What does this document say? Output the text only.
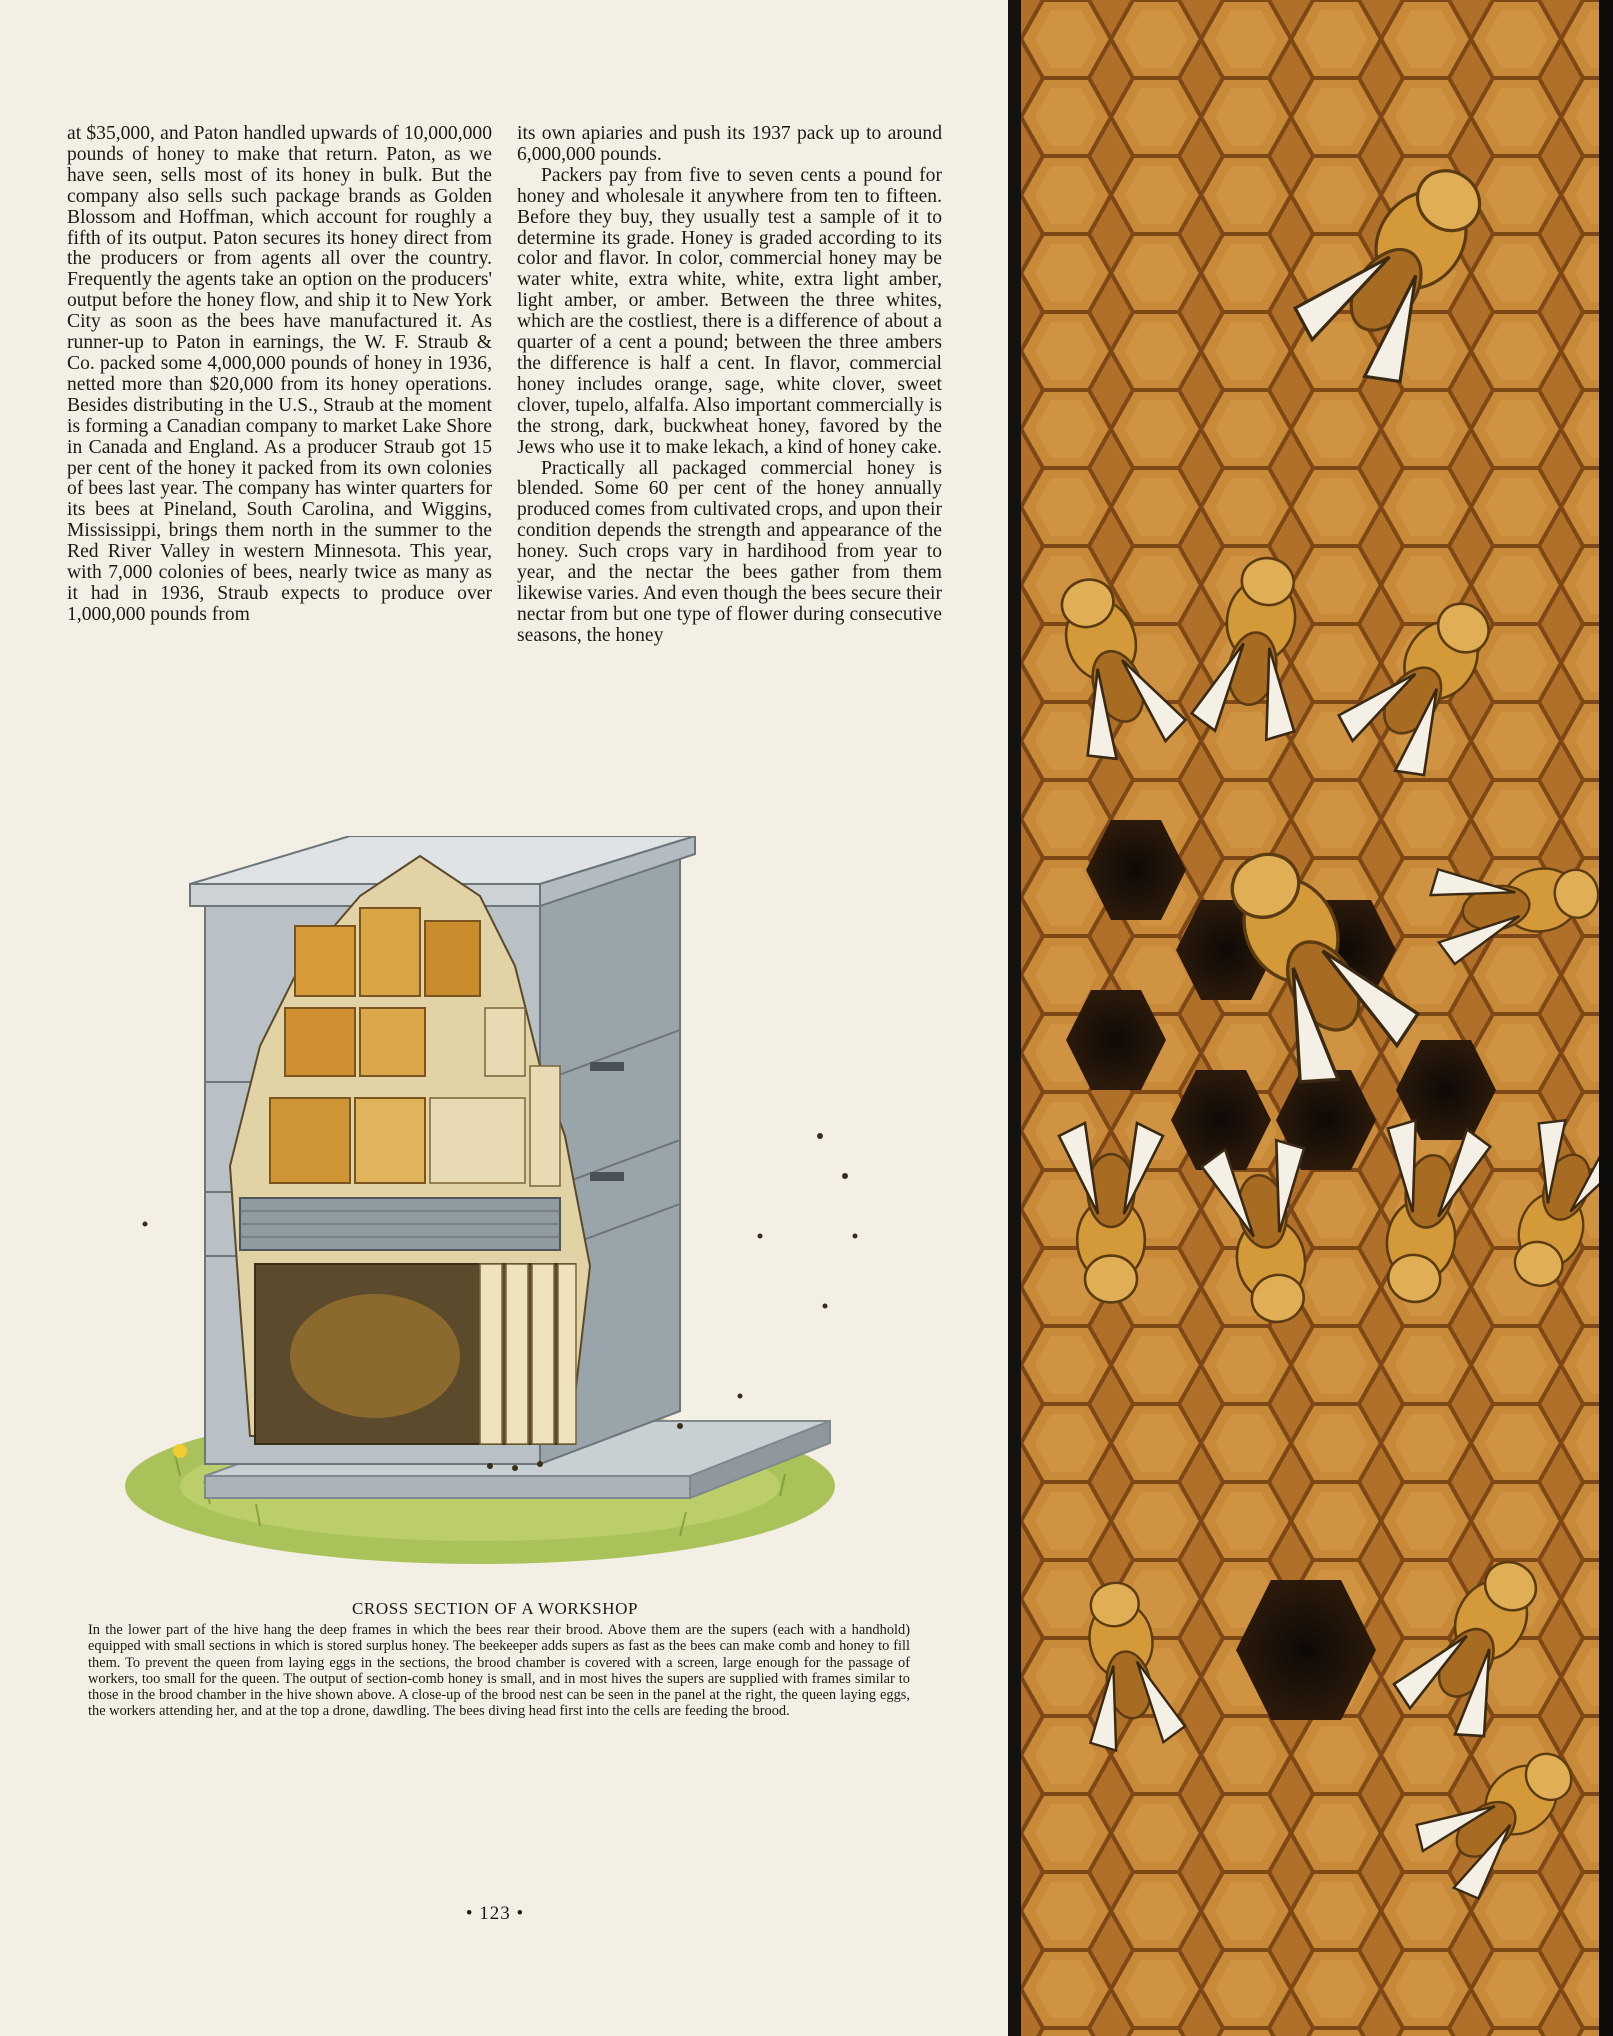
at $35,000, and Paton handled upwards of 10,000,000 pounds of honey to make that return. Paton, as we have seen, sells most of its honey in bulk. But the company also sells such package brands as Golden Blossom and Hoffman, which account for roughly a fifth of its output. Paton secures its honey direct from the producers or from agents all over the country. Frequently the agents take an option on the producers' output before the honey flow, and ship it to New York City as soon as the bees have manufactured it. As runner-up to Paton in earnings, the W. F. Straub & Co. packed some 4,000,000 pounds of honey in 1936, netted more than $20,000 from its honey operations. Besides distributing in the U.S., Straub at the moment is forming a Canadian company to market Lake Shore in Canada and England. As a producer Straub got 15 per cent of the honey it packed from its own colonies of bees last year. The company has winter quarters for its bees at Pineland, South Carolina, and Wiggins, Mississippi, brings them north in the summer to the Red River Valley in western Minnesota. This year, with 7,000 colonies of bees, nearly twice as many as it had in 1936, Straub expects to produce over 1,000,000 pounds from

its own apiaries and push its 1937 pack up to around 6,000,000 pounds.

Packers pay from five to seven cents a pound for honey and wholesale it anywhere from ten to fifteen. Before they buy, they usually test a sample of it to determine its grade. Honey is graded according to its color and flavor. In color, commercial honey may be water white, extra white, white, extra light amber, light amber, or amber. Between the three whites, which are the costliest, there is a difference of about a quarter of a cent a pound; between the three ambers the difference is half a cent. In flavor, commercial honey includes orange, sage, white clover, sweet clover, tupelo, alfalfa. Also important commercially is the strong, dark, buckwheat honey, favored by the Jews who use it to make lekach, a kind of honey cake.

Practically all packaged commercial honey is blended. Some 60 per cent of the honey annually produced comes from cultivated crops, and upon their condition depends the strength and appearance of the honey. Such crops vary in hardihood from year to year, and the nectar the bees gather from them likewise varies. And even though the bees secure their nectar from but one type of flower during consecutive seasons, the honey

CROSS SECTION OF A WORKSHOP

In the lower part of the hive hang the deep frames in which the bees rear their brood. Above them are the supers (each with a handhold) equipped with small sections in which is stored surplus honey. The beekeeper adds supers as fast as the bees can make comb and honey to fill them. To prevent the queen from laying eggs in the sections, the brood chamber is covered with a screen, large enough for the passage of workers, too small for the queen. The output of section-comb honey is small, and in most hives the supers are supplied with frames similar to those in the brood chamber in the hive shown above. A close-up of the brood nest can be seen in the panel at the right, the queen laying eggs, the workers attending her, and at the top a drone, dawdling. The bees diving head first into the cells are feeding the brood.

• 123 •
